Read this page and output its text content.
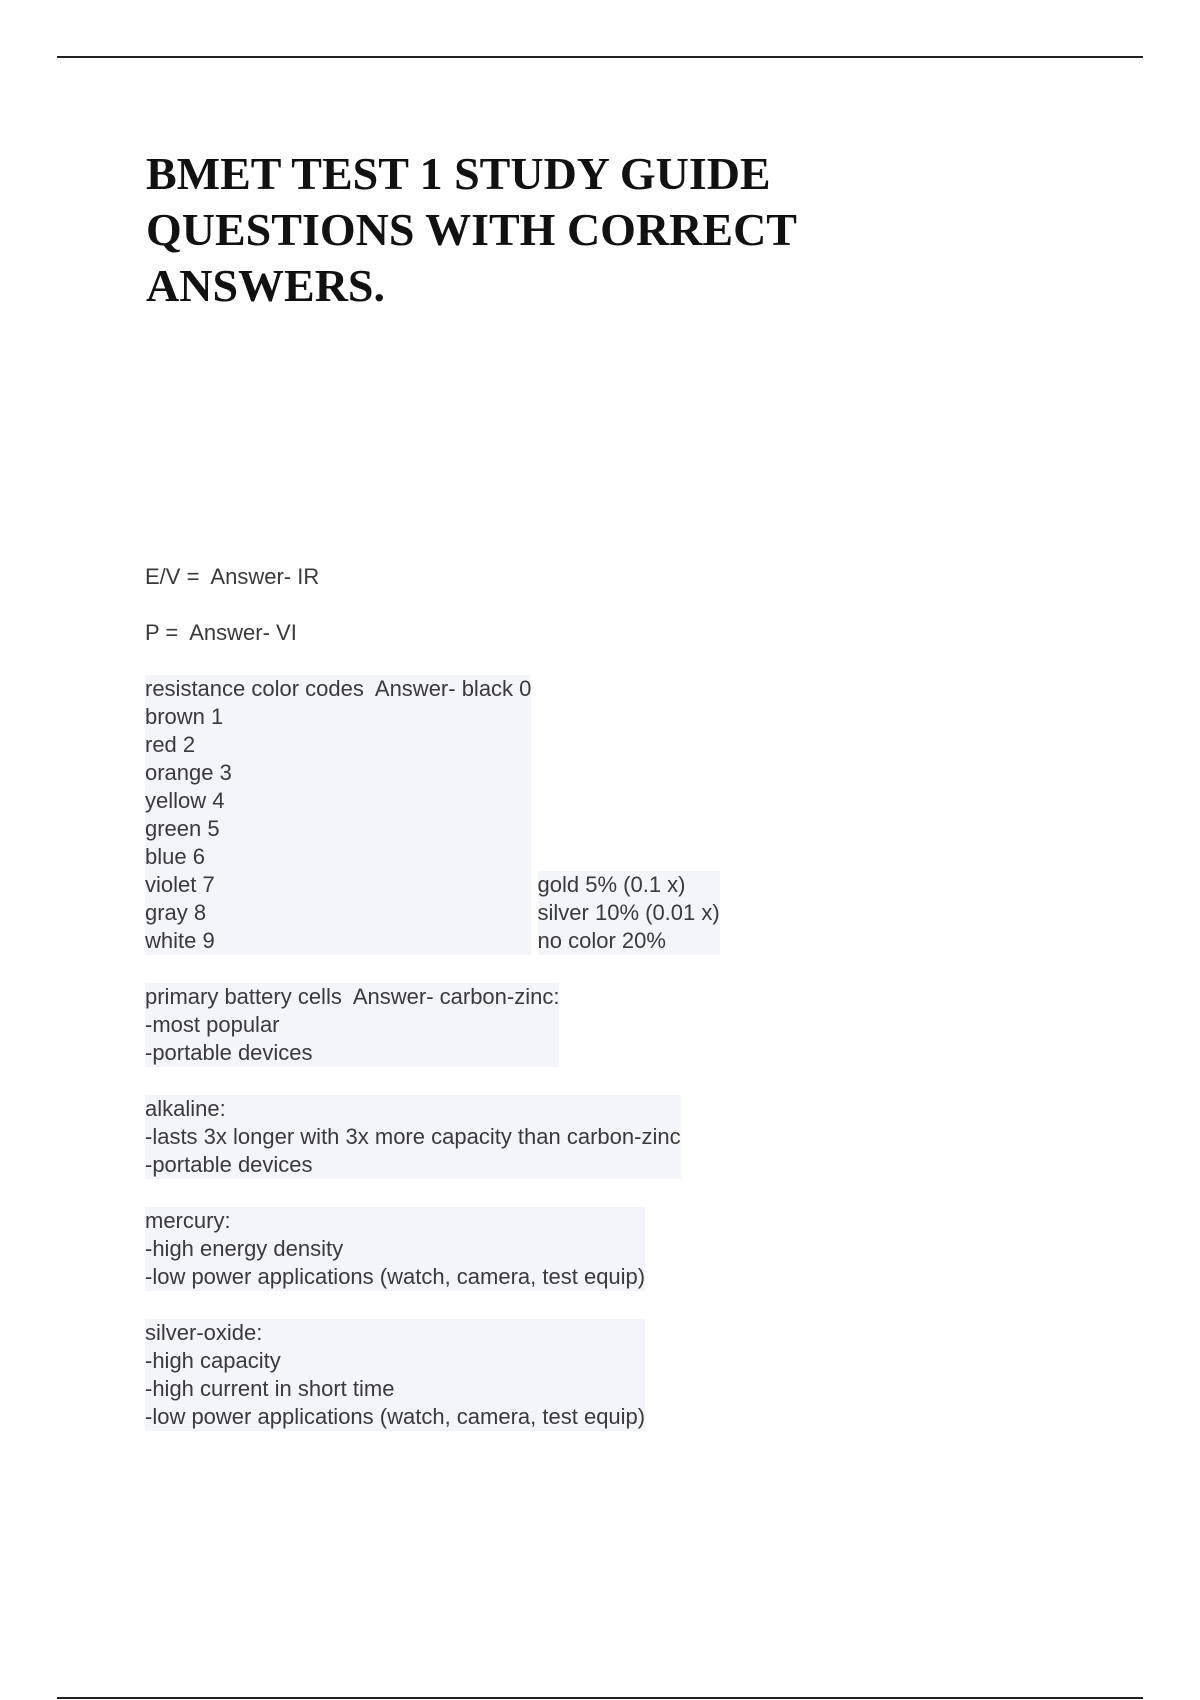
BMET TEST 1 STUDY GUIDE
QUESTIONS WITH CORRECT
ANSWERS.
E/V =  Answer- IR
P =  Answer- VI
resistance color codes  Answer- black 0
brown 1
red 2
orange 3
yellow 4
green 5
blue 6
violet 7
gray 8
white 9

gold 5% (0.1 x)
silver 10% (0.01 x)
no color 20%

primary battery cells  Answer- carbon-zinc:
-most popular
-portable devices

alkaline:
-lasts 3x longer with 3x more capacity than carbon-zinc
-portable devices

mercury:
-high energy density
-low power applications (watch, camera, test equip)

silver-oxide:
-high capacity
-high current in short time
-low power applications (watch, camera, test equip)
